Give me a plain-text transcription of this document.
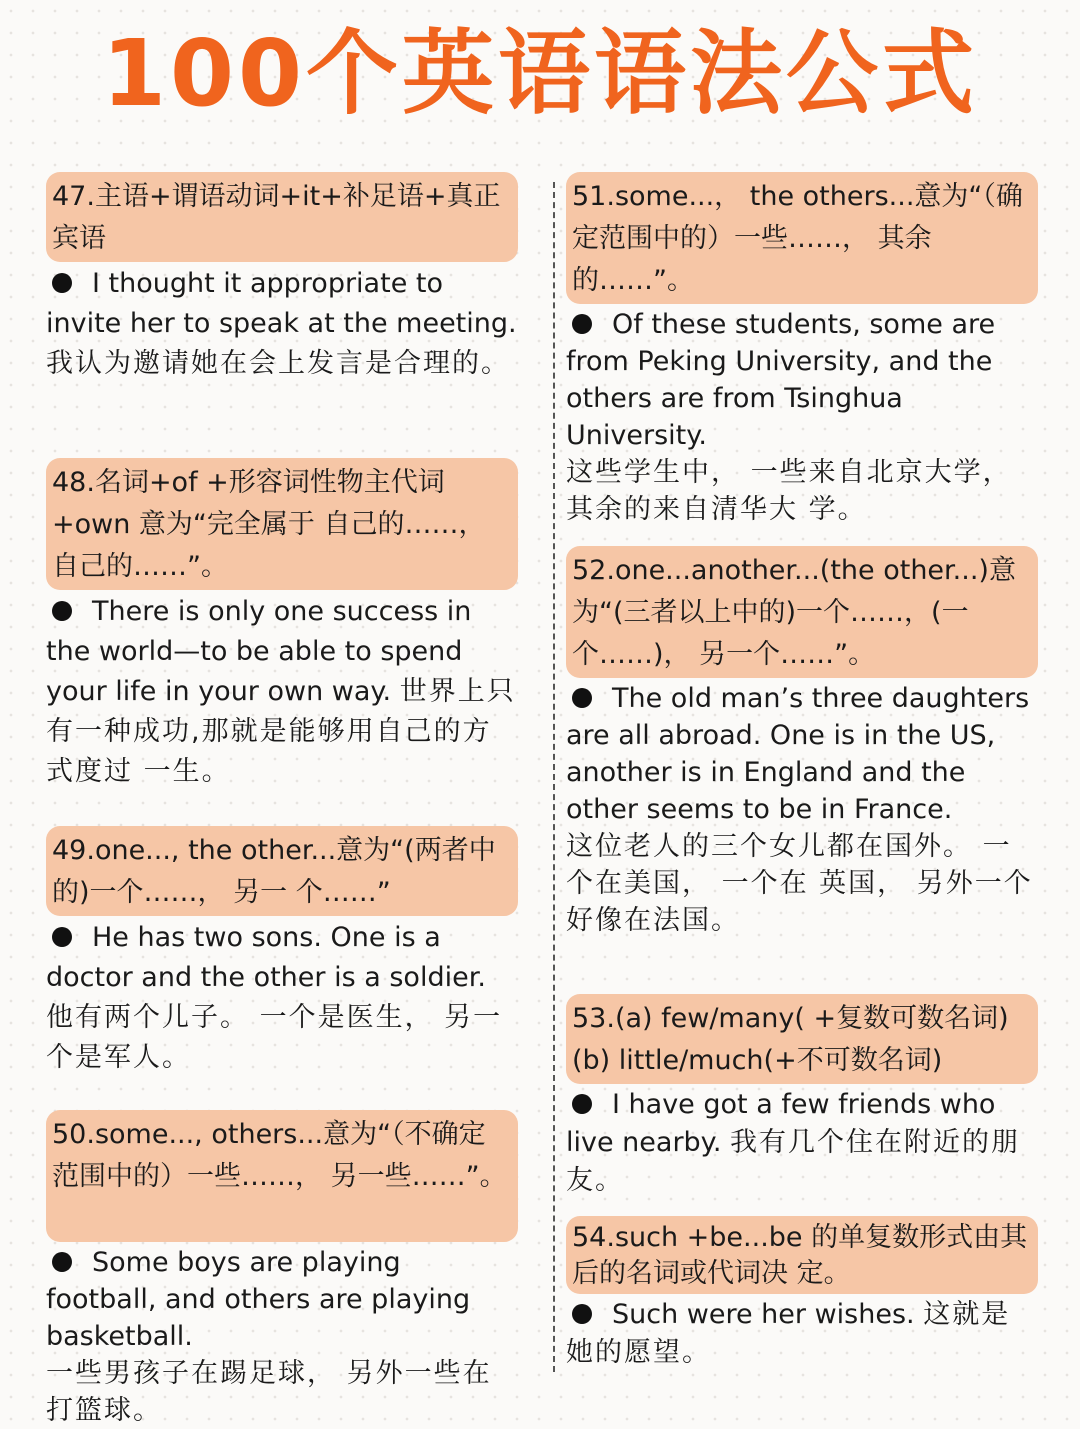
100个英语语法公式
47.主语+谓语动词+it+补足语+真正宾语
I thought it appropriate to invite her to speak at the meeting.
我认为邀请她在会上发言是合理的。
48.名词+of +形容词性物主代词+own 意为“完全属于 自己的……， 自己的……”。
There is only one success in the world—to be able to spend your life in your own way. 世界上只有一种成功,那就是能够用自己的方式度过 一生。
49.one..., the other...意为“(两者中的)一个……， 另一 个……”
He has two sons. One is a doctor and the other is a soldier.
他有两个儿子。 一个是医生， 另一个是军人。
50.some..., others...意为“（不确定范围中的）一些……， 另一些……”。
Some boys are playing football, and others are playing basketball.
一些男孩子在踢足球， 另外一些在打篮球。
51.some...， the others...意为“（确定范围中的）一些……， 其余的……”。
Of these students, some are from Peking University, and the others are from Tsinghua University.
这些学生中， 一些来自北京大学， 其余的来自清华大 学。
52.one...another...(the other...)意为“(三者以上中的)一个……，(一个……)， 另一个……”。
The old man’s three daughters are all abroad. One is in the US, another is in England and the other seems to be in France.
这位老人的三个女儿都在国外。 一个在美国， 一个在 英国， 另外一个好像在法国。
53.(a) few/many( +复数可数名词)(b) little/much(+不可数名词)
I have got a few friends who live nearby. 我有几个住在附近的朋友。
54.such +be...be 的单复数形式由其后的名词或代词决 定。
Such were her wishes. 这就是她的愿望。
